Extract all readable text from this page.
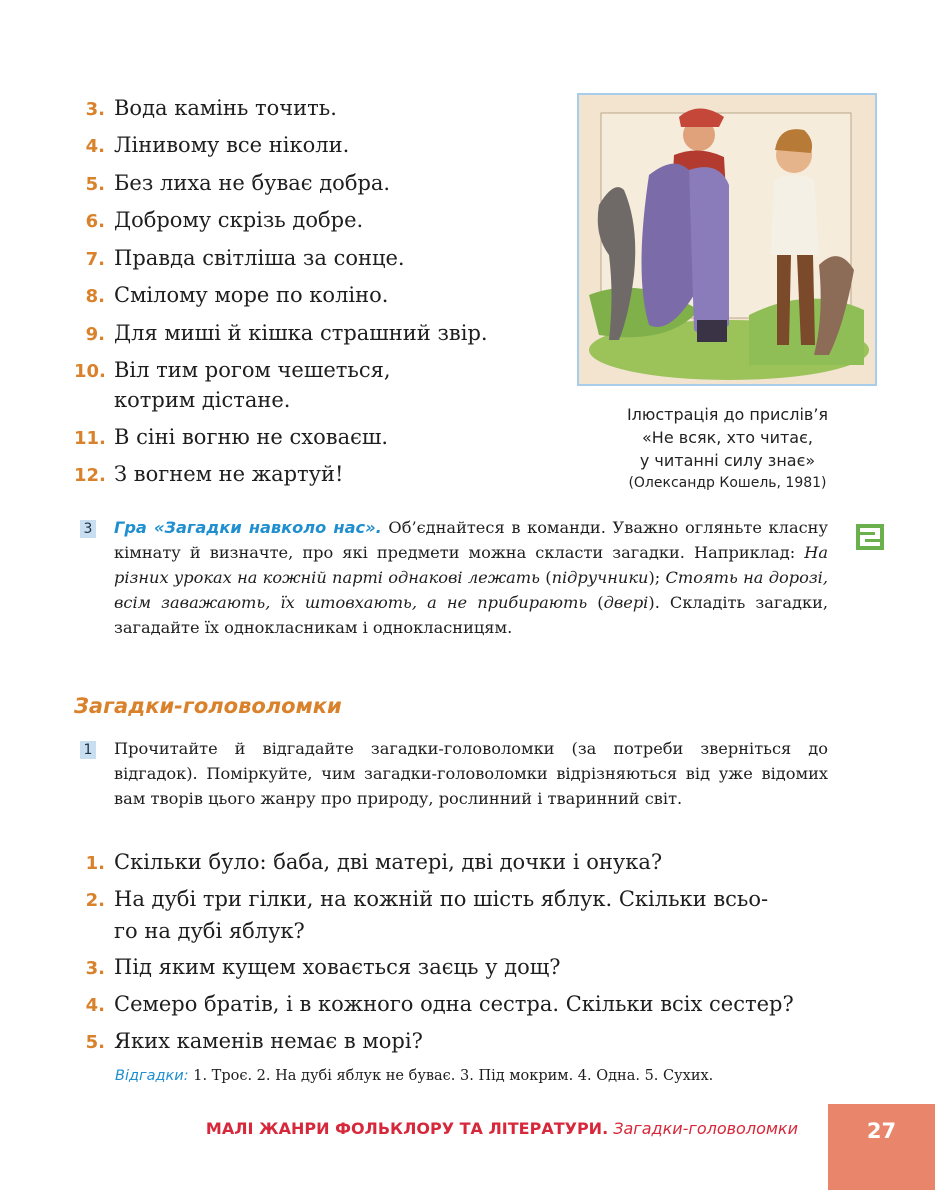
3. Вода камінь точить.
4. Лінивому все ніколи.
5. Без лиха не буває добра.
6. Доброму скрізь добре.
7. Правда світліша за сонце.
8. Смілому море по коліно.
9. Для миші й кішка страшний звір.
10. Віл тим рогом чешеться,
котрим дістане.
11. В сіні вогню не сховаєш.
12. З вогнем не жартуй!
Ілюстрація до прислів’я
«Не всяк, хто читає,
у читанні силу знає»
(Олександр Кошель, 1981)
3 Гра «Загадки навколо нас». Об’єднайтеся в команди. Уважно огляньте класну кімнату й визначте, про які предмети можна скласти загадки. Наприклад: На різних уроках на кожній парті однакові лежать (підручники); Стоять на дорозі, всім заважають, їх штовхають, а не прибирають (двері). Складіть загадки, загадайте їх однокласникам і однокласницям.
Загадки-головоломки
1 Прочитайте й відгадайте загадки-головоломки (за потреби зверніться до відгадок). Поміркуйте, чим загадки-головоломки відрізняються від уже відомих вам творів цього жанру про природу, рослинний і тваринний світ.
1. Скільки було: баба, дві матері, дві дочки і онука?
2. На дубі три гілки, на кожній по шість яблук. Скільки всьо-
го на дубі яблук?
3. Під яким кущем ховається заєць у дощ?
4. Семеро братів, і в кожного одна сестра. Скільки всіх сестер?
5. Яких каменів немає в морі?
Відгадки: 1. Троє. 2. На дубі яблук не буває. 3. Під мокрим. 4. Одна. 5. Сухих.
МАЛІ ЖАНРИ ФОЛЬКЛОРУ ТА ЛІТЕРАТУРИ. Загадки-головоломки	27
